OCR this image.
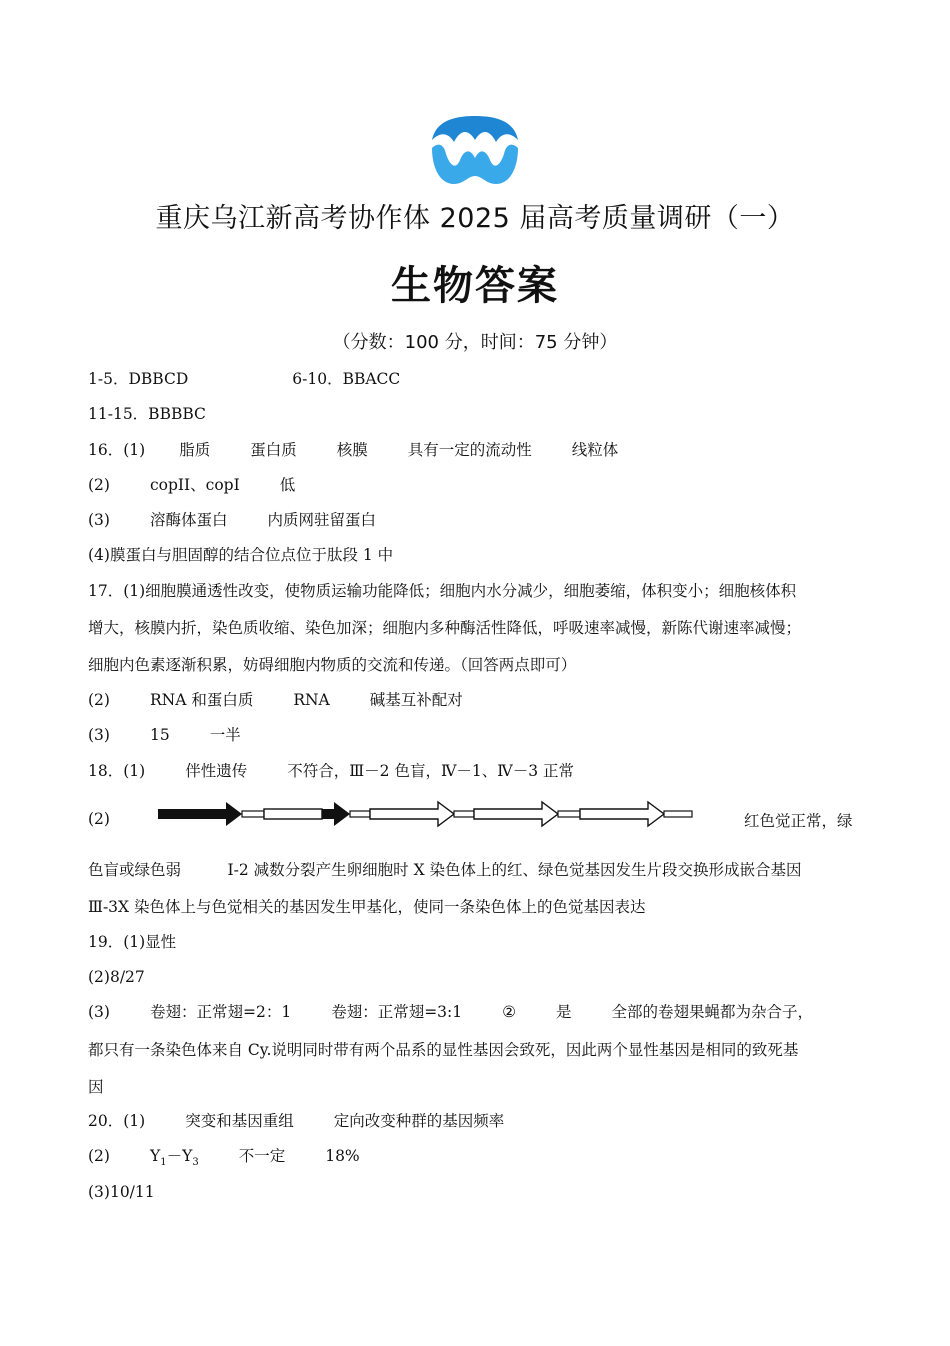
重庆乌江新高考协作体 2025 届高考质量调研（一）
生物答案
（分数：100 分，时间：75 分钟）
1-5．DBBCD	6-10．BBACC
11-15．BBBBC
16．(1) 脂质	蛋白质	核膜	具有一定的流动性	线粒体
(2)	copII、copI	低
(3)	溶酶体蛋白	内质网驻留蛋白
(4)膜蛋白与胆固醇的结合位点位于肽段 1 中
17．(1)细胞膜通透性改变，使物质运输功能降低；细胞内水分减少，细胞萎缩，体积变小；细胞核体积
增大，核膜内折，染色质收缩、染色加深；细胞内多种酶活性降低，呼吸速率减慢，新陈代谢速率减慢；
细胞内色素逐渐积累，妨碍细胞内物质的交流和传递。（回答两点即可）
(2)	RNA 和蛋白质	RNA	碱基互补配对
(3)	15	一半
18．(1)	伴性遗传	不符合，Ⅲ－2 色盲，Ⅳ－1、Ⅳ－3 正常
(2)	红色觉正常，绿
色盲或绿色弱　　　Ⅰ-2 减数分裂产生卵细胞时 X 染色体上的红、绿色觉基因发生片段交换形成嵌合基因
Ⅲ-3X 染色体上与色觉相关的基因发生甲基化，使同一条染色体上的色觉基因表达
19．(1)显性
(2)8/27
(3)	卷翅：正常翅=2：1	卷翅：正常翅=3:1	②	是	全部的卷翅果蝇都为杂合子，
都只有一条染色体来自 Cy.说明同时带有两个品系的显性基因会致死，因此两个显性基因是相同的致死基
因
20．(1)	突变和基因重组	定向改变种群的基因频率
(2)	$Y_1-Y_3$	不一定	18%
(3)10/11
